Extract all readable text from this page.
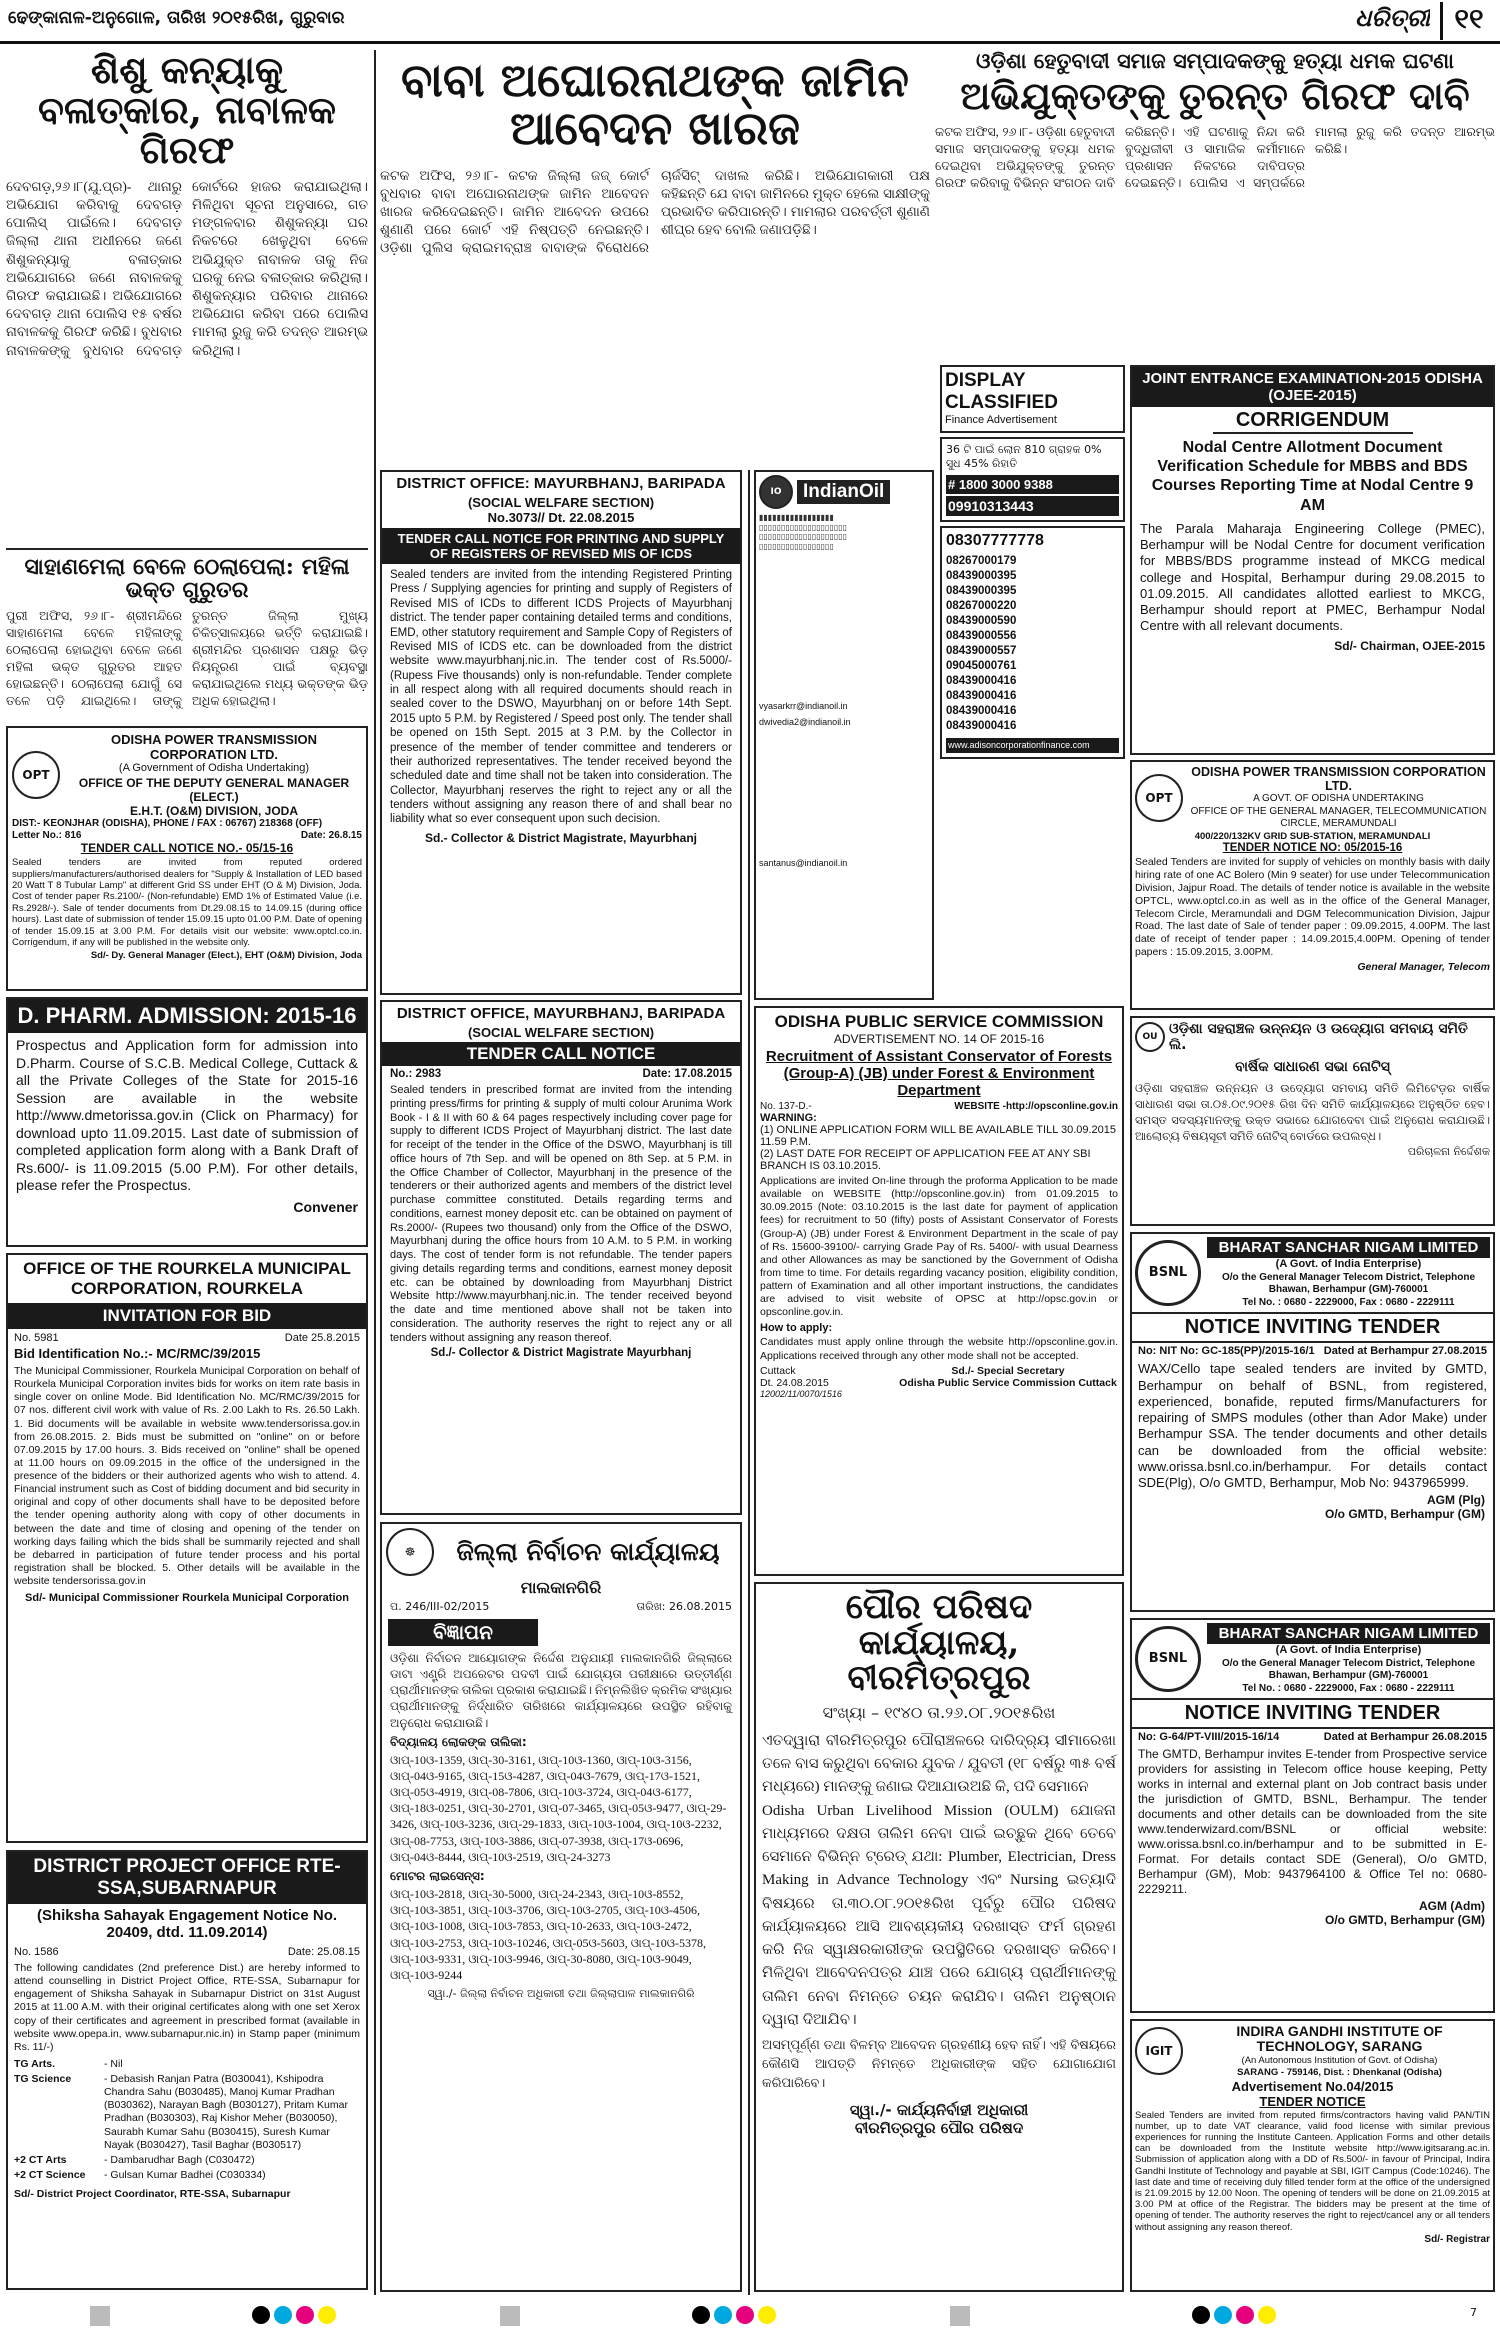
ଢେଙ୍କାନାଳ-ଅନୁଗୋଳ, ତାରିଖ ୨୦୧୫ରିଖ, ଗୁରୁବାର	ଧରିତ୍ରୀ ୧୧
ଶିଶୁ କନ୍ୟାକୁ ବଳାତ୍କାର, ନାବାଳକ ଗିରଫ

ଦେବଗଡ଼,୨୬।୮(ଯୁ.ପ୍ର)- ଥାନାରୁ ଅଭିଯୋଗ କରିବାକୁ ଦେବଗଡ଼ ପୋଲିସ୍ ପାଇଁଲେ। ଦେବଗଡ଼ ଜିଲ୍ଲା ଥାନା ଅଧୀନରେ ଜଣେ ଶିଶୁକନ୍ୟାକୁ ବଳାତ୍କାର ଅଭିଯୋଗରେ ଜଣେ ନାବାଳକକୁ ଗିରଫ କରାଯାଇଛି। ଅଭିଯୋଗରେ ଦେବଗଡ଼ ଥାନା ପୋଲିସ ୧୫ ବର୍ଷର ନାବାଳକକୁ ଗିରଫ କରିଛି। ବୁଧବାର ନାବାଳକଙ୍କୁ ବୁଧବାର ଦେବଗଡ଼ କୋର୍ଟରେ ହାଜର କରାଯାଇଥିଲା। ମିଳିଥିବା ସୂଚନା ଅନୁସାରେ, ଗତ ମଙ୍ଗଳବାର ଶିଶୁକନ୍ୟା ଘର ନିକଟରେ ଖେଳୁଥିବା ବେଳେ ଅଭିଯୁକ୍ତ ନାବାଳକ ତାକୁ ନିଜ ଘରକୁ ନେଇ ବଳାତ୍କାର କରିଥିଲା। ଶିଶୁକନ୍ୟାର ପରିବାର ଥାନାରେ ଅଭିଯୋଗ କରିବା ପରେ ପୋଲିସ ମାମଲା ରୁଜୁ କରି ତଦନ୍ତ ଆରମ୍ଭ କରିଥିଲା।

ସାହାଣମେଲା ବେଳେ ଠେଲାପେଲା: ମହିଳା ଭକ୍ତ ଗୁରୁତର

ପୁରୀ ଅଫିସ, ୨୬।୮- ଶ୍ରୀମନ୍ଦିରେ ସାହାଣମେଳା ବେଳେ ମହିଳାଙ୍କୁ ଠେଲାପେଲା ହୋଇଥିବା ବେଳେ ଜଣେ ମହିଳା ଭକ୍ତ ଗୁରୁତର ଆହତ ହୋଇଛନ୍ତି। ଠେଲାପେଲା ଯୋଗୁଁ ସେ ତଳେ ପଡ଼ି ଯାଇଥିଲେ। ତାଙ୍କୁ ତୁରନ୍ତ ଜିଲ୍ଲା ମୁଖ୍ୟ ଚିକିତ୍ସାଳୟରେ ଭର୍ତ୍ତି କରାଯାଇଛି। ଶ୍ରୀମନ୍ଦିର ପ୍ରଶାସନ ପକ୍ଷରୁ ଭିଡ଼ ନିୟନ୍ତ୍ରଣ ପାଇଁ ବ୍ୟବସ୍ଥା କରାଯାଇଥିଲେ ମଧ୍ୟ ଭକ୍ତଙ୍କ ଭିଡ଼ ଅଧିକ ହୋଇଥିଲା।

OPT
ODISHA POWER TRANSMISSION CORPORATION LTD.
(A Government of Odisha Undertaking)
OFFICE OF THE DEPUTY GENERAL MANAGER (ELECT.)
E.H.T. (O&M) DIVISION, JODA
DIST:- KEONJHAR (ODISHA), PHONE / FAX : 06767) 218368 (OFF)
Letter No.: 816	Date: 26.8.15
TENDER CALL NOTICE NO.- 05/15-16

Sealed tenders are invited from reputed ordered suppliers/manufacturers/authorised dealers for "Supply & Installation of LED based 20 Watt T 8 Tubular Lamp" at different Grid SS under EHT (O & M) Division, Joda. Cost of tender paper Rs.2100/- (Non-refundable) EMD 1% of Estimated Value (i.e. Rs.2928/-). Sale of tender documents from Dt.29.08.15 to 14.09.15 (during office hours). Last date of submission of tender 15.09.15 upto 01.00 P.M. Date of opening of tender 15.09.15 at 3.00 P.M. For details visit our website: www.optcl.co.in. Corrigendum, if any will be published in the website only.

Sd/- Dy. General Manager (Elect.), EHT (O&M) Division, Joda
D. PHARM. ADMISSION: 2015-16

Prospectus and Application form for admission into D.Pharm. Course of S.C.B. Medical College, Cuttack & all the Private Colleges of the State for 2015-16 Session are available in the website http://www.dmetorissa.gov.in (Click on Pharmacy) for download upto 11.09.2015. Last date of submission of completed application form along with a Bank Draft of Rs.600/- is 11.09.2015 (5.00 P.M). For other details, please refer the Prospectus.

Convener
OFFICE OF THE ROURKELA MUNICIPAL CORPORATION, ROURKELA
INVITATION FOR BID
No. 5981	Date 25.8.2015
Bid Identification No.:- MC/RMC/39/2015

The Municipal Commissioner, Rourkela Municipal Corporation on behalf of Rourkela Municipal Corporation invites bids for works on item rate basis in single cover on online Mode. Bid Identification No. MC/RMC/39/2015 for 07 nos. different civil work with value of Rs. 2.00 Lakh to Rs. 26.50 Lakh. 1. Bid documents will be available in website www.tendersorissa.gov.in from 26.08.2015. 2. Bids must be submitted on "online" on or before 07.09.2015 by 17.00 hours. 3. Bids received on "online" shall be opened at 11.00 hours on 09.09.2015 in the office of the undersigned in the presence of the bidders or their authorized agents who wish to attend. 4. Financial instrument such as Cost of bidding document and bid security in original and copy of other documents shall have to be deposited before the tender opening authority along with copy of other documents in between the date and time of closing and opening of the tender on working days failing which the bids shall be summarily rejected and shall be debarred in participation of future tender process and his portal registration shall be blocked. 5. Other details will be available in the website tendersorissa.gov.in

Sd/- Municipal Commissioner Rourkela Municipal Corporation
DISTRICT PROJECT OFFICE RTE-SSA,SUBARNAPUR
(Shiksha Sahayak Engagement Notice No. 20409, dtd. 11.09.2014)
No. 1586	Date: 25.08.15

The following candidates (2nd preference Dist.) are hereby informed to attend counselling in District Project Office, RTE-SSA, Subarnapur for engagement of Shiksha Sahayak in Subarnapur District on 31st August 2015 at 11.00 A.M. with their original certificates along with one set Xerox copy of their certificates and agreement in prescribed format (available in website www.opepa.in, www.subarnapur.nic.in) in Stamp paper (minimum Rs. 11/-)

TG Arts.	- Nil
TG Science	- Debasish Ranjan Patra (B030041), Kshipodra Chandra Sahu (B030485), Manoj Kumar Pradhan (B030362), Narayan Bagh (B030127), Pritam Kumar Pradhan (B030303), Raj Kishor Meher (B030050), Saurabh Kumar Sahu (B030415), Suresh Kumar Nayak (B030427), Tasil Baghar (B030517)
+2 CT Arts	- Dambarudhar Bagh (C030472)
+2 CT Science	- Gulsan Kumar Badhei (C030334)
Sd/- District Project Coordinator, RTE-SSA, Subarnapur
ବାବା ଅଘୋରନାଥଙ୍କ ଜାମିନ ଆବେଦନ ଖାରଜ

କଟକ ଅଫିସ, ୨୬।୮- କଟକ ଜିଲ୍ଲା ଜଜ୍ କୋର୍ଟ ବୁଧବାର ବାବା ଅଘୋରନାଥଙ୍କ ଜାମିନ ଆବେଦନ ଖାରଜ କରିଦେଇଛନ୍ତି। ଜାମିନ ଆବେଦନ ଉପରେ ଶୁଣାଣି ପରେ କୋର୍ଟ ଏହି ନିଷ୍ପତ୍ତି ନେଇଛନ୍ତି। ଓଡ଼ିଶା ପୁଲିସ କ୍ରାଇମବ୍ରାଞ୍ଚ ବାବାଙ୍କ ବିରୋଧରେ ଚାର୍ଜସିଟ୍ ଦାଖଲ କରିଛି। ଅଭିଯୋଗକାରୀ ପକ୍ଷ କହିଛନ୍ତି ଯେ ବାବା ଜାମିନରେ ମୁକ୍ତ ହେଲେ ସାକ୍ଷୀଙ୍କୁ ପ୍ରଭାବିତ କରିପାରନ୍ତି। ମାମଲାର ପରବର୍ତ୍ତୀ ଶୁଣାଣି ଶୀଘ୍ର ହେବ ବୋଲି ଜଣାପଡ଼ିଛି।

DISTRICT OFFICE: MAYURBHANJ, BARIPADA
(SOCIAL WELFARE SECTION)
No.3073// Dt. 22.08.2015
TENDER CALL NOTICE FOR PRINTING AND SUPPLY OF REGISTERS OF REVISED MIS OF ICDS

Sealed tenders are invited from the intending Registered Printing Press / Supplying agencies for printing and supply of Registers of Revised MIS of ICDs to different ICDS Projects of Mayurbhanj district. The tender paper containing detailed terms and conditions, EMD, other statutory requirement and Sample Copy of Registers of Revised MIS of ICDS etc. can be downloaded from the district website www.mayurbhanj.nic.in. The tender cost of Rs.5000/- (Rupess Five thousands) only is non-refundable. Tender complete in all respect along with all required documents should reach in sealed cover to the DSWO, Mayurbhanj on or before 14th Sept. 2015 upto 5 P.M. by Registered / Speed post only. The tender shall be opened on 15th Sept. 2015 at 3 P.M. by the Collector in presence of the member of tender committee and tenderers or their authorized representatives. The tender received beyond the scheduled date and time shall not be taken into consideration. The Collector, Mayurbhanj reserves the right to reject any or all the tenders without assigning any reason there of and shall bear no liability what so ever consequent upon such decision.

Sd.- Collector & District Magistrate, Mayurbhanj
DISTRICT OFFICE, MAYURBHANJ, BARIPADA
(SOCIAL WELFARE SECTION)
TENDER CALL NOTICE
No.: 2983	Date: 17.08.2015

Sealed tenders in prescribed format are invited from the intending printing press/firms for printing & supply of multi colour Arunima Work Book - I & II with 60 & 64 pages respectively including cover page for supply to different ICDS Project of Mayurbhanj district. The last date for receipt of the tender in the Office of the DSWO, Mayurbhanj is till office hours of 7th Sep. and will be opened on 8th Sep. at 5 P.M. in the Office Chamber of Collector, Mayurbhanj in the presence of the tenderers or their authorized agents and members of the district level purchase committee constituted. Details regarding terms and conditions, earnest money deposit etc. can be obtained on payment of Rs.2000/- (Rupees two thousand) only from the Office of the DSWO, Mayurbhanj during the office hours from 10 A.M. to 5 P.M. in working days. The cost of tender form is not refundable. The tender papers giving details regarding terms and conditions, earnest money deposit etc. can be obtained by downloading from Mayurbhanj District Website http://www.mayurbhanj.nic.in. The tender received beyond the date and time mentioned above shall not be taken into consideration. The authority reserves the right to reject any or all tenders without assigning any reason thereof.

Sd./- Collector & District Magistrate Mayurbhanj
☸	ଜିଲ୍ଲା ନିର୍ବାଚନ କାର୍ଯ୍ୟାଳୟ
ମାଲକାନଗିରି
ପ. 246/III-02/2015	ତାରିଖ: 26.08.2015
ବିଜ୍ଞାପନ

ଓଡ଼ିଶା ନିର୍ବାଚନ ଆୟୋଗଙ୍କ ନିର୍ଦ୍ଦେଶ ଅନୁଯାୟୀ ମାଲକାନଗିରି ଜିଲ୍ଲାରେ ଡାଟା ଏଣ୍ଟ୍ରି ଅପରେଟର ପଦବୀ ପାଇଁ ଯୋଗ୍ୟତା ପରୀକ୍ଷାରେ ଉତ୍ତୀର୍ଣ୍ଣ ପ୍ରାର୍ଥୀମାନଙ୍କ ତାଲିକା ପ୍ରକାଶ କରାଯାଇଛି। ନିମ୍ନଲିଖିତ କ୍ରମିକ ସଂଖ୍ୟାର ପ୍ରାର୍ଥୀମାନଙ୍କୁ ନିର୍ଦ୍ଧାରିତ ତାରିଖରେ କାର୍ଯ୍ୟାଳୟରେ ଉପସ୍ଥିତ ରହିବାକୁ ଅନୁରୋଧ କରାଯାଉଛି।

ବିଦ୍ୟାଳୟ ଲୋକଙ୍କ ତାଲିକା:

ଓାପ୍-10ଓ-1359, ଓାପ୍-30-3161, ଓାପ୍-10ଓ-1360, ଓାପ୍-10ଓ-3156, ଓାପ୍-04ଓ-9165, ଓାପ୍-15ଓ-4287, ଓାପ୍-04ଓ-7679, ଓାପ୍-17ଓ-1521, ଓାପ୍-05ଓ-4919, ଓାପ୍-08-7806, ଓାପ୍-10ଓ-3724, ଓାପ୍-04ଓ-6177, ଓାପ୍-18ଓ-0251, ଓାପ୍-30-2701, ଓାପ୍-07-3465, ଓାପ୍-05ଓ-9477, ଓାପ୍-29-3426, ଓାପ୍-10ଓ-3236, ଓାପ୍-29-1833, ଓାପ୍-10ଓ-1004, ଓାପ୍-10ଓ-2232, ଓାପ୍-08-7753, ଓାପ୍-10ଓ-3886, ଓାପ୍-07-3938, ଓାପ୍-17ଓ-0696, ଓାପ୍-04ଓ-8444, ଓାପ୍-10ଓ-2519, ଓାପ୍-24-3273

ମୋଟର ଲାଇସେନ୍ସ:

ଓାପ୍-10ଓ-2818, ଓାପ୍-30-5000, ଓାପ୍-24-2343, ଓାପ୍-10ଓ-8552, ଓାପ୍-10ଓ-3851, ଓାପ୍-10ଓ-3706, ଓାପ୍-10ଓ-2705, ଓାପ୍-10ଓ-4506, ଓାପ୍-10ଓ-1008, ଓାପ୍-10ଓ-7853, ଓାପ୍-10-2633, ଓାପ୍-10ଓ-2472, ଓାପ୍-10ଓ-2753, ଓାପ୍-10ଓ-10246, ଓାପ୍-05ଓ-5603, ଓାପ୍-10ଓ-5378, ଓାପ୍-10ଓ-9331, ଓାପ୍-10ଓ-9946, ଓାପ୍-30-8080, ଓାପ୍-10ଓ-9049, ଓାପ୍-10ଓ-9244

ସ୍ୱା./- ଜିଲ୍ଲା ନିର୍ବାଚନ ଅଧିକାରୀ ତଥା ଜିଲ୍ଲାପାଳ ମାଲକାନଗିରି
ଓଡ଼ିଶା ହେତୁବାଦୀ ସମାଜ ସମ୍ପାଦକଙ୍କୁ ହତ୍ୟା ଧମକ ଘଟଣା
ଅଭିଯୁକ୍ତଙ୍କୁ ତୁରନ୍ତ ଗିରଫ ଦାବି

କଟକ ଅଫିସ, ୨୬।୮- ଓଡ଼ିଶା ହେତୁବାଦୀ ସମାଜ ସମ୍ପାଦକଙ୍କୁ ହତ୍ୟା ଧମକ ଦେଇଥିବା ଅଭିଯୁକ୍ତଙ୍କୁ ତୁରନ୍ତ ଗିରଫ କରିବାକୁ ବିଭିନ୍ନ ସଂଗଠନ ଦାବି କରିଛନ୍ତି। ଏହି ଘଟଣାକୁ ନିନ୍ଦା କରି ବୁଦ୍ଧିଜୀବୀ ଓ ସାମାଜିକ କର୍ମୀମାନେ ପ୍ରଶାସନ ନିକଟରେ ଦାବିପତ୍ର ଦେଇଛନ୍ତି। ପୋଲିସ ଏ ସମ୍ପର୍କରେ ମାମଲା ରୁଜୁ କରି ତଦନ୍ତ ଆରମ୍ଭ କରିଛି।

IO	IndianOil
▮▮▮▮▮▮▮▮▮▮▮▮▮▮▮▮▮
▯▯▯▯▯▯▯▯▯▯▯▯▯▯▯▯▯▯▯▯
▯▯▯▯▯▯▯▯▯▯▯▯▯▯▯▯▯▯▯▯
▯▯▯▯▯▯▯▯▯▯▯▯▯▯▯▯▯
vyasarkrr@indianoil.in
dwivedia2@indianoil.in
santanus@indianoil.in
DISPLAY CLASSIFIED
Finance Advertisement
36 ଟି ପାଇଁ ଲୋନ 810 ଗ୍ରାହକ 0% ସୁଧ 45% ରିହାତି
# 1800 3000 9388
09910313443
08307777778
08267000179
08439000395
08439000395
08267000220
08439000590
08439000556
08439000557
09045000761
08439000416
08439000416
08439000416
08439000416
www.adisoncorporationfinance.com
ODISHA PUBLIC SERVICE COMMISSION
ADVERTISEMENT NO. 14 OF 2015-16
Recruitment of Assistant Conservator of Forests (Group-A) (JB) under Forest & Environment Department
No. 137-D.-	WEBSITE -http://opsconline.gov.in
WARNING:
(1) ONLINE APPLICATION FORM WILL BE AVAILABLE TILL 30.09.2015 11.59 P.M.
(2) LAST DATE FOR RECEIPT OF APPLICATION FEE AT ANY SBI BRANCH IS 03.10.2015.

Applications are invited On-line through the proforma Application to be made available on WEBSITE (http://opsconline.gov.in) from 01.09.2015 to 30.09.2015 (Note: 03.10.2015 is the last date for payment of application fees) for recruitment to 50 (fifty) posts of Assistant Conservator of Forests (Group-A) (JB) under Forest & Environment Department in the scale of pay of Rs. 15600-39100/- carrying Grade Pay of Rs. 5400/- with usual Dearness and other Allowances as may be sanctioned by the Government of Odisha from time to time. For details regarding vacancy position, eligibility condition, pattern of Examination and all other important instructions, the candidates are advised to visit website of OPSC at http://opsc.gov.in or opsconline.gov.in.

How to apply:

Candidates must apply online through the website http://opsconline.gov.in. Applications received through any other mode shall not be accepted.

Cuttack
Dt. 24.08.2015
Sd./- Special Secretary
Odisha Public Service Commission Cuttack
12002/11/0070/1516
ପୌର ପରିଷଦ କାର୍ଯ୍ୟାଳୟ, ବୀରମିତ୍ରପୁର
ସଂଖ୍ୟା – ୧୯୪୦ ତା.୨୬.୦୮.୨୦୧୫ରିଖ

ଏତଦ୍ୱାରା ବୀରମିତ୍ରପୁର ପୌରାଞ୍ଚଳରେ ଦାରିଦ୍ର୍ୟ ସୀମାରେଖା ତଳେ ବାସ କରୁଥିବା ବେକାର ଯୁବକ / ଯୁବତୀ (୧୮ ବର୍ଷରୁ ୩୫ ବର୍ଷ ମଧ୍ୟରେ) ମାନଙ୍କୁ ଜଣାଇ ଦିଆଯାଉଅଛି କି, ପଦି ସେମାନେ

Odisha Urban Livelihood Mission (OULM) ଯୋଜନା ମାଧ୍ୟମରେ ଦକ୍ଷତା ତାଲିମ ନେବା ପାଇଁ ଇଚ୍ଛୁକ ଥିବେ ତେବେ ସେମାନେ ବିଭିନ୍ନ ଟ୍ରେଡ୍ ଯଥା: Plumber, Electrician, Dress Making in Advance Technology ଏବଂ Nursing ଇତ୍ୟାଦି ବିଷୟରେ ତା.୩୦.୦୮.୨୦୧୫ରିଖ ପୂର୍ବରୁ ପୌର ପରିଷଦ କାର୍ଯ୍ୟାଳୟରେ ଆସି ଆବଶ୍ୟକୀୟ ଦରଖାସ୍ତ ଫର୍ମ ଗ୍ରହଣ କରି ନିଜ ସ୍ୱାକ୍ଷରକାରୀଙ୍କ ଉପସ୍ଥିତିରେ ଦରଖାସ୍ତ କରିବେ। ମିଳିଥିବା ଆବେଦନପତ୍ର ଯାଞ୍ଚ ପରେ ଯୋଗ୍ୟ ପ୍ରାର୍ଥୀମାନଙ୍କୁ ତାଲିମ ନେବା ନିମନ୍ତେ ଚୟନ କରାଯିବ। ତାଲିମ ଅନୁଷ୍ଠାନ ଦ୍ୱାରା ଦିଆଯିବ।

ଅସମ୍ପୂର୍ଣ୍ଣ ତଥା ବିଳମ୍ବ ଆବେଦନ ଗ୍ରହଣୀୟ ହେବ ନାହିଁ। ଏହି ବିଷୟରେ କୌଣସି ଆପତ୍ତି ନିମନ୍ତେ ଅଧିକାରୀଙ୍କ ସହିତ ଯୋଗାଯୋଗ କରିପାରିବେ।

ସ୍ୱା./- କାର୍ଯ୍ୟନିର୍ବାହୀ ଅଧିକାରୀ
ବୀରମିତ୍ରପୁର ପୌର ପରିଷଦ
JOINT ENTRANCE EXAMINATION-2015 ODISHA (OJEE-2015)
CORRIGENDUM
Nodal Centre Allotment Document Verification Schedule for MBBS and BDS Courses Reporting Time at Nodal Centre 9 AM

The Parala Maharaja Engineering College (PMEC), Berhampur will be Nodal Centre for document verification for MBBS/BDS programme instead of MKCG medical college and Hospital, Berhampur during 29.08.2015 to 01.09.2015. All candidates allotted earliest to MKCG, Berhampur should report at PMEC, Berhampur Nodal Centre with all relevant documents.

Sd/- Chairman, OJEE-2015
OPT
ODISHA POWER TRANSMISSION CORPORATION LTD.
A GOVT. OF ODISHA UNDERTAKING
OFFICE OF THE GENERAL MANAGER, TELECOMMUNICATION CIRCLE, MERAMUNDALI
400/220/132KV GRID SUB-STATION, MERAMUNDALI
TENDER NOTICE NO: 05/2015-16

Sealed Tenders are invited for supply of vehicles on monthly basis with daily hiring rate of one AC Bolero (Min 9 seater) for use under Telecommunication Division, Jajpur Road. The details of tender notice is available in the website OPTCL, www.optcl.co.in as well as in the office of the General Manager, Telecom Circle, Meramundali and DGM Telecommunication Division, Jajpur Road. The last date of Sale of tender paper : 09.09.2015, 4.00PM. The last date of receipt of tender paper : 14.09.2015,4.00PM. Opening of tender papers : 15.09.2015, 3.00PM.

General Manager, Telecom
OU ଓଡ଼ିଶା ସହରାଞ୍ଚଳ ଉନ୍ନୟନ ଓ ଉଦ୍ୟୋଗ ସମବାୟ ସମିତି ଲି.
ବାର୍ଷିକ ସାଧାରଣ ସଭା ନୋଟିସ୍

ଓଡ଼ିଶା ସହରାଞ୍ଚଳ ଉନ୍ନୟନ ଓ ଉଦ୍ୟୋଗ ସମବାୟ ସମିତି ଲିମିଟେଡ଼ର ବାର୍ଷିକ ସାଧାରଣ ସଭା ତା.୦୫.୦୯.୨୦୧୫ ରିଖ ଦିନ ସମିତି କାର୍ଯ୍ୟାଳୟରେ ଅନୁଷ୍ଠିତ ହେବ। ସମସ୍ତ ସଦସ୍ୟମାନଙ୍କୁ ଉକ୍ତ ସଭାରେ ଯୋଗଦେବା ପାଇଁ ଅନୁରୋଧ କରାଯାଉଛି। ଆଲୋଚ୍ୟ ବିଷୟସୂଚୀ ସମିତି ନୋଟିସ୍ ବୋର୍ଡରେ ଉପଲବ୍ଧ।

ପରିଚାଳନା ନିର୍ଦ୍ଦେଶକ
BSNL
BHARAT SANCHAR NIGAM LIMITED
(A Govt. of India Enterprise)
O/o the General Manager Telecom District, Telephone Bhawan, Berhampur (GM)-760001
Tel No. : 0680 - 2229000, Fax : 0680 - 2229111
NOTICE INVITING TENDER
No: NIT No: GC-185(PP)/2015-16/1 Dated at Berhampur 27.08.2015

WAX/Cello tape sealed tenders are invited by GMTD, Berhampur on behalf of BSNL, from registered, experienced, bonafide, reputed firms/Manufacturers for repairing of SMPS modules (other than Ador Make) under Berhampur SSA. The tender documents and other details can be downloaded from the official website: www.orissa.bsnl.co.in/berhampur. For details contact SDE(Plg), O/o GMTD, Berhampur, Mob No: 9437965999.

AGM (Plg)
O/o GMTD, Berhampur (GM)
BSNL
BHARAT SANCHAR NIGAM LIMITED
(A Govt. of India Enterprise)
O/o the General Manager Telecom District, Telephone Bhawan, Berhampur (GM)-760001
Tel No. : 0680 - 2229000, Fax : 0680 - 2229111
NOTICE INVITING TENDER
No: G-64/PT-VIII/2015-16/14	Dated at Berhampur 26.08.2015

The GMTD, Berhampur invites E-tender from Prospective service providers for assisting in Telecom office house keeping, Petty works in internal and external plant on Job contract basis under the jurisdiction of GMTD, BSNL, Berhampur. The tender documents and other details can be downloaded from the site www.tenderwizard.com/BSNL or official website: www.orissa.bsnl.co.in/berhampur and to be submitted in E-Format. For details contact SDE (General), O/o GMTD, Berhampur (GM), Mob: 9437964100 & Office Tel no: 0680-2229211.

AGM (Adm)
O/o GMTD, Berhampur (GM)
IGIT
INDIRA GANDHI INSTITUTE OF TECHNOLOGY, SARANG
(An Autonomous Institution of Govt. of Odisha)
SARANG - 759146, Dist. : Dhenkanal (Odisha)
Advertisement No.04/2015
TENDER NOTICE

Sealed Tenders are invited from reputed firms/contractors having valid PAN/TIN number, up to date VAT clearance, valid food license with similar previous experiences for running the Institute Canteen. Application Forms and other details can be downloaded from the Institute website http://www.igitsarang.ac.in. Submission of application along with a DD of Rs.500/- in favour of Principal, Indira Gandhi Institute of Technology and payable at SBI, IGIT Campus (Code:10246). The last date and time of receiving duly filled tender form at the office of the undersigned is 21.09.2015 by 12.00 Noon. The opening of tenders will be done on 21.09.2015 at 3.00 PM at office of the Registrar. The bidders may be present at the time of opening of tender. The authority reserves the right to reject/cancel any or all tenders without assigning any reason thereof.

Sd/- Registrar
7
